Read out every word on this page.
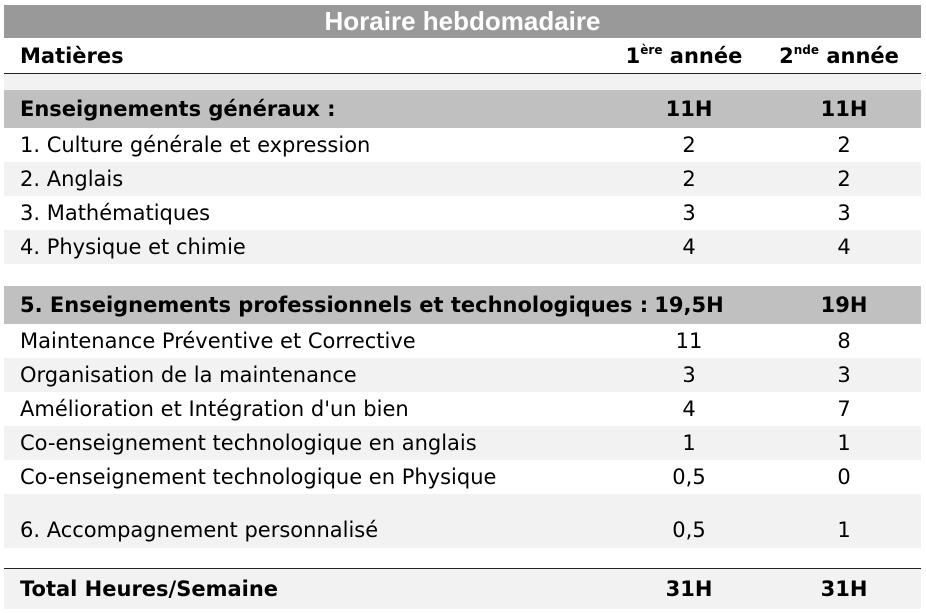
Horaire hebdomadaire
Matières	1ère année	2nde année
Enseignements généraux :	11H	11H
1. Culture générale et expression	2	2
2. Anglais	2	2
3. Mathématiques	3	3
4. Physique et chimie	4	4
5. Enseignements professionnels et technologiques : 19,5H	19H
Maintenance Préventive et Corrective	11	8
Organisation de la maintenance	3	3
Amélioration et Intégration d'un bien	4	7
Co-enseignement technologique en anglais	1	1
Co-enseignement technologique en Physique	0,5	0
6. Accompagnement personnalisé	0,5	1
Total Heures/Semaine	31H	31H
